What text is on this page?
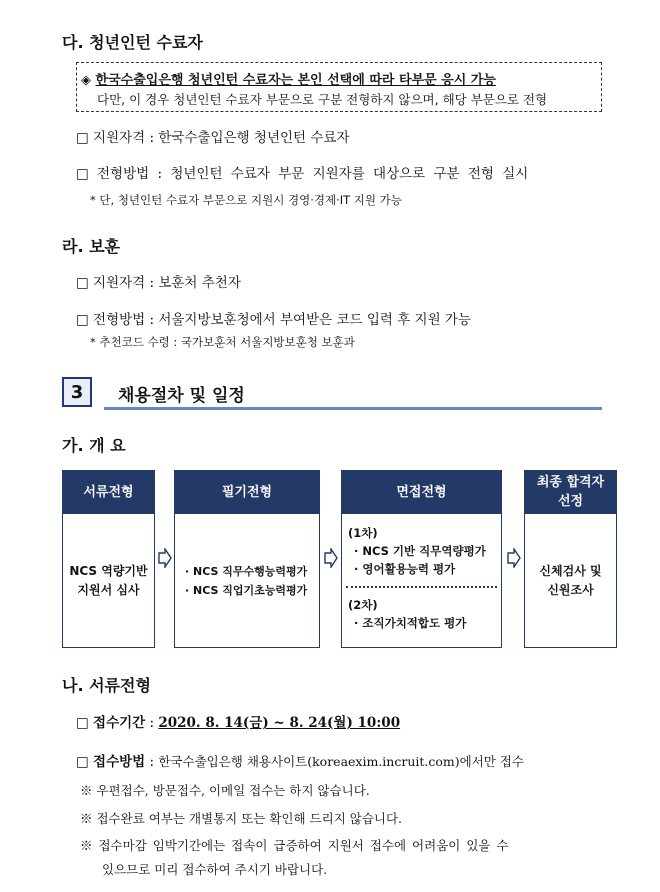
다. 청년인턴 수료자
◈ 한국수출입은행 청년인턴 수료자는 본인 선택에 따라 타부문 응시 가능
다만, 이 경우 청년인턴 수료자 부문으로 구분 전형하지 않으며, 해당 부문으로 전형
□ 지원자격 : 한국수출입은행 청년인턴 수료자
□ 전형방법 : 청년인턴 수료자 부문 지원자를 대상으로 구분 전형 실시
* 단, 청년인턴 수료자 부문으로 지원시 경영·경제·IT 지원 가능
라. 보훈
□ 지원자격 : 보훈처 추천자
□ 전형방법 : 서울지방보훈청에서 부여받은 코드 입력 후 지원 가능
* 추천코드 수령 : 국가보훈처 서울지방보훈청 보훈과
3	채용절차 및 일정
가. 개 요
서류전형
NCS 역량기반
지원서 심사
필기전형
· NCS 직무수행능력평가
· NCS 직업기초능력평가
면접전형
(1차)
· NCS 기반 직무역량평가
· 영어활용능력 평가
(2차)
· 조직가치적합도 평가
최종 합격자
선정
신체검사 및
신원조사
나. 서류전형
□ 접수기간 : 2020. 8. 14(금) ~ 8. 24(월) 10:00
□ 접수방법 : 한국수출입은행 채용사이트(koreaexim.incruit.com)에서만 접수
※ 우편접수, 방문접수, 이메일 접수는 하지 않습니다.
※ 접수완료 여부는 개별통지 또는 확인해 드리지 않습니다.
※ 접수마감 임박기간에는 접속이 급증하여 지원서 접수에 어려움이 있을 수
있으므로 미리 접수하여 주시기 바랍니다.
